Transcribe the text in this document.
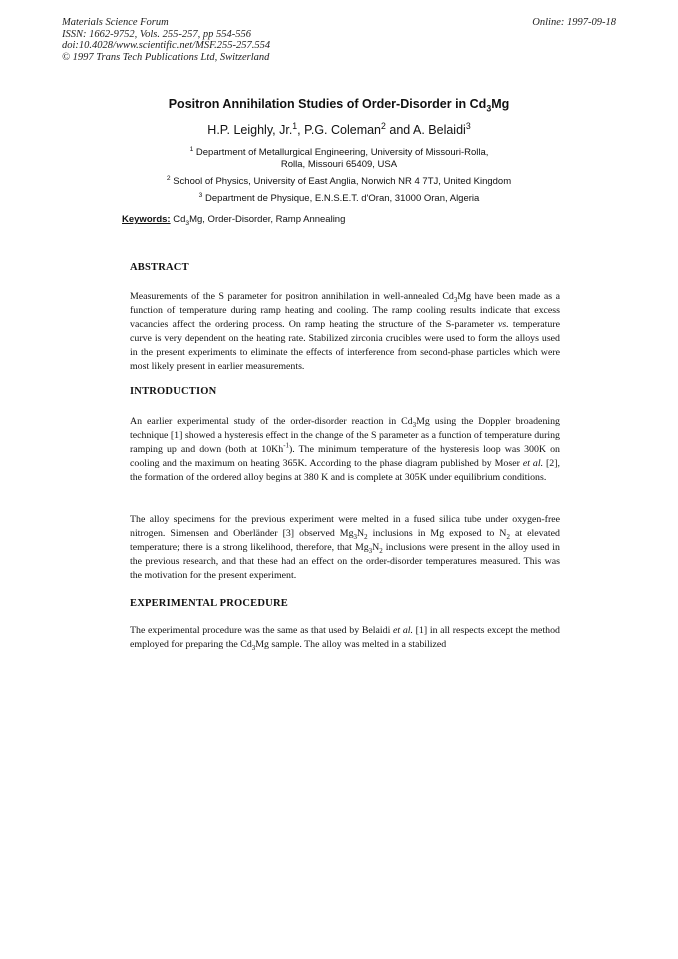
Materials Science Forum
ISSN: 1662-9752, Vols. 255-257, pp 554-556
doi:10.4028/www.scientific.net/MSF.255-257.554
© 1997 Trans Tech Publications Ltd, Switzerland
Online: 1997-09-18
Positron Annihilation Studies of Order-Disorder in $Cd_3Mg$
H.P. Leighly, Jr.$^1$, P.G. Coleman$^2$ and A. Belaidi$^3$
$^1$ Department of Metallurgical Engineering, University of Missouri-Rolla,
Rolla, Missouri 65409, USA
$^2$ School of Physics, University of East Anglia, Norwich NR 4 7TJ, United Kingdom
$^3$ Department de Physique, E.N.S.E.T. d'Oran, 31000 Oran, Algeria
Keywords: $Cd_3Mg$, Order-Disorder, Ramp Annealing
ABSTRACT
Measurements of the S parameter for positron annihilation in well-annealed $Cd_3Mg$ have been made as a function of temperature during ramp heating and cooling. The ramp cooling results indicate that excess vacancies affect the ordering process. On ramp heating the structure of the S-parameter vs. temperature curve is very dependent on the heating rate. Stabilized zirconia crucibles were used to form the alloys used in the present experiments to eliminate the effects of interference from second-phase particles which were most likely present in earlier measurements.
INTRODUCTION
An earlier experimental study of the order-disorder reaction in $Cd_3Mg$ using the Doppler broadening technique [1] showed a hysteresis effect in the change of the S parameter as a function of temperature during ramping up and down (both at $10Kh^{-1}$). The minimum temperature of the hysteresis loop was 300K on cooling and the maximum on heating 365K. According to the phase diagram published by Moser et al. [2], the formation of the ordered alloy begins at 380 K and is complete at 305K under equilibrium conditions.
The alloy specimens for the previous experiment were melted in a fused silica tube under oxygen-free nitrogen. Simensen and Oberländer [3] observed $Mg_3N_2$ inclusions in Mg exposed to $N_2$ at elevated temperature; there is a strong likelihood, therefore, that $Mg_3N_2$ inclusions were present in the alloy used in the previous research, and that these had an effect on the order-disorder temperatures measured. This was the motivation for the present experiment.
EXPERIMENTAL PROCEDURE
The experimental procedure was the same as that used by Belaidi et al. [1] in all respects except the method employed for preparing the $Cd_3Mg$ sample. The alloy was melted in a stabilized
